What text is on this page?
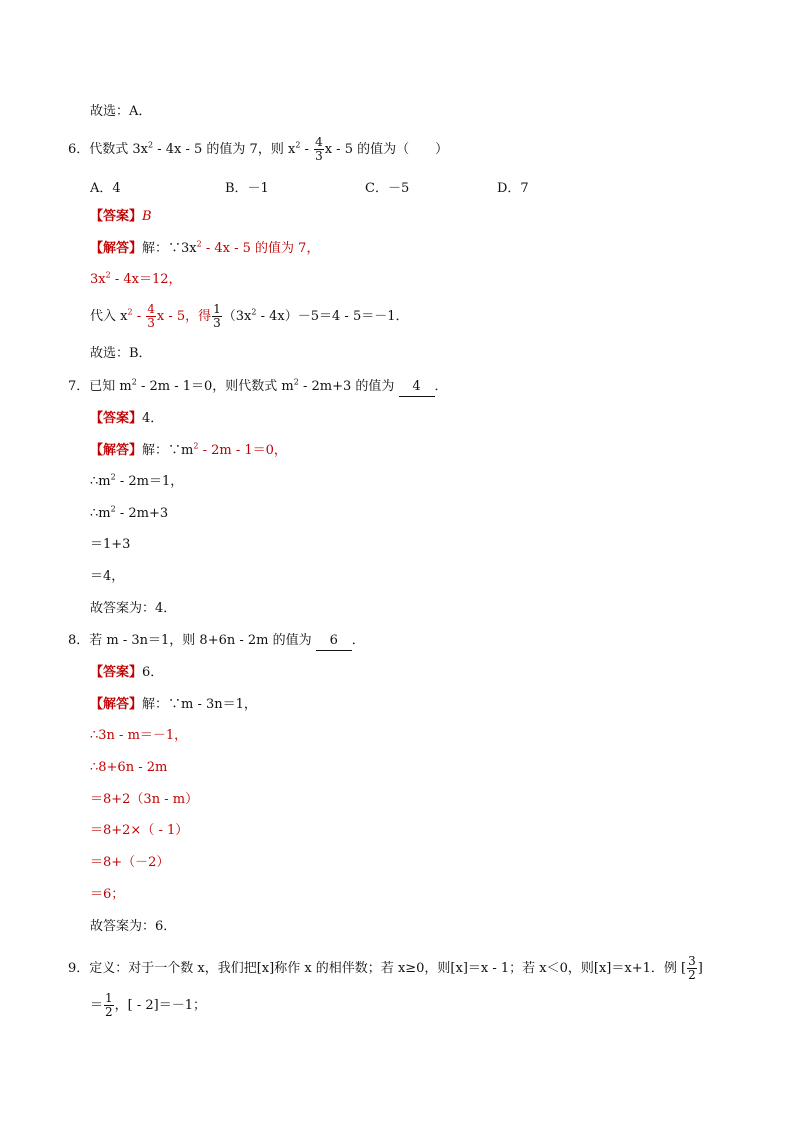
故选：A．
6．代数式 $3x^2 - 4x - 5$ 的值为 7，则 $x^2 - \frac{4}{3}$ x - 5 的值为（　　）
A．4	B．－1	C．－5	D．7
【答案】B
【解答】解：$\because 3x^2 - 4x - 5$ 的值为 7，
$3x^2 - 4x=12$，
代入 $x^2 - \frac{4}{3}$ x - 5，得 $\frac{1}{3} (3x^2 - 4x)-5=4 - 5=-1$．
故选：B．
7．已知 $m^2 - 2m - 1=0$，则代数式 $m^2 - 2m+3$ 的值为 4 ．
【答案】4．
【解答】解：$\because m^2 - 2m - 1=0$，
$\therefore m^2 - 2m=1$，
$\therefore m^2 - 2m+3$
＝1+3
＝4，
故答案为：4．
8．若 m - 3n＝1，则 8+6n - 2m 的值为 6 ．
【答案】6．
【解答】解：∵m - 3n＝1，
∴3n - m＝－1，
∴8+6n - 2m
＝8+2（3n - m）
＝8+2×（ - 1）
＝8+（－2）
＝6；
故答案为：6．
9．定义：对于一个数 x，我们把[x]称作 x 的相伴数；若 x≥0，则[x]＝x - 1；若 x＜0，则[x]＝x+1．例 [ $\frac{3}{2}$ ]
＝ $\frac{1}{2}$ ，[ - 2]＝－1；
